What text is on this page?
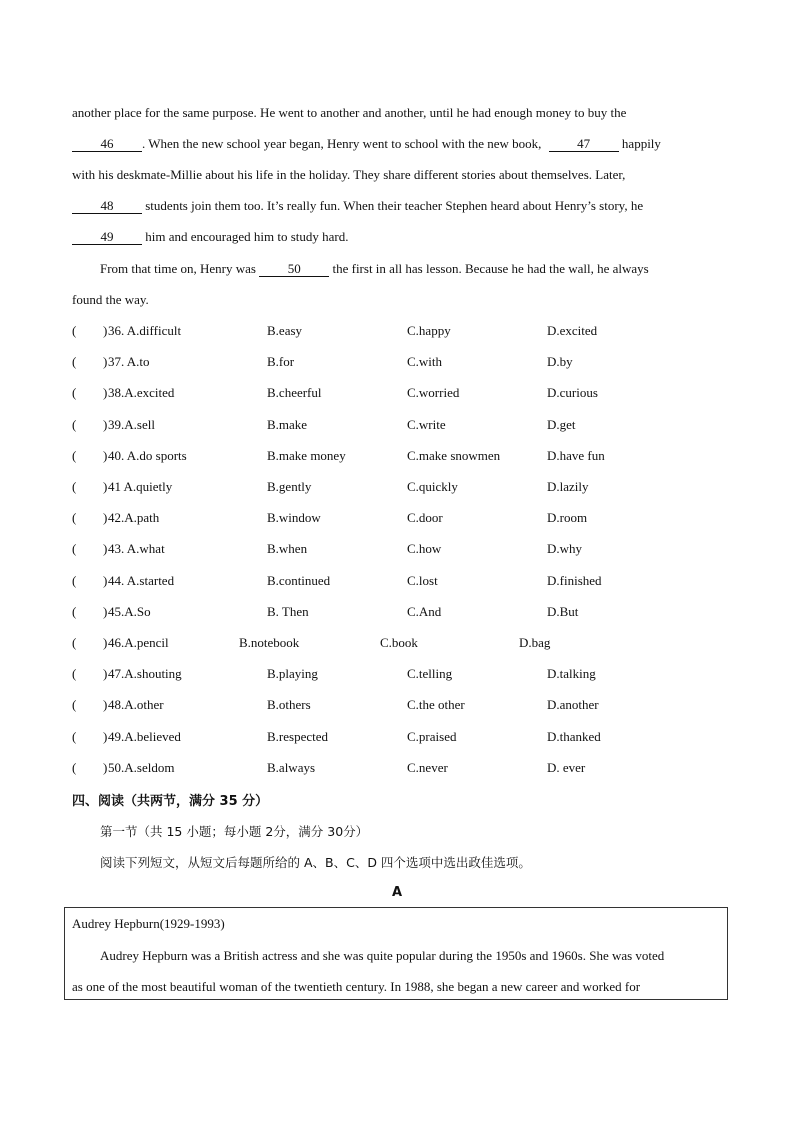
another place for the same purpose. He went to another and another, until he had enough money to buy the
46 . When the new school year began, Henry went to school with the new book,	47 happily
with his deskmate-Millie about his life in the holiday. They share different stories about themselves. Later,
48 students join them too. It’s really fun. When their teacher Stephen heard about Henry’s story, he
49 him and encouraged him to study hard.
From that time on, Henry was 50 the first in all has lesson. Because he had the wall, he always
found the way.
( ) 36. A.difficult	B.easy	C.happy	D.excited
( ) 37. A.to	B.for	C.with	D.by
( ) 38.A.excited	B.cheerful	C.worried	D.curious
( ) 39.A.sell	B.make	C.write	D.get
( ) 40. A.do sports	B.make money	C.make snowmen	D.have fun
( ) 41 A.quietly	B.gently	C.quickly	D.lazily
( ) 42.A.path	B.window	C.door	D.room
( ) 43. A.what	B.when	C.how	D.why
( ) 44. A.started	B.continued	C.lost	D.finished
( ) 45.A.So	B. Then	C.And	D.But
( ) 46.A.pencil	B.notebook	C.book	D.bag
( ) 47.A.shouting	B.playing	C.telling	D.talking
( ) 48.A.other	B.others	C.the other	D.another
( ) 49.A.believed	B.respected	C.praised	D.thanked
( ) 50.A.seldom	B.always	C.never	D. ever
四、阅读（共两节，满分 35 分）
第一节（共 15 小题；每小题 2分，满分 30分）
阅读下列短文，从短文后每题所给的 A、B、C、D 四个选项中选出政佳选项。
A
Audrey Hepburn(1929-1993)
Audrey Hepburn was a British actress and she was quite popular during the 1950s and 1960s. She was voted
as one of the most beautiful woman of the twentieth century. In 1988, she began a new career and worked for
